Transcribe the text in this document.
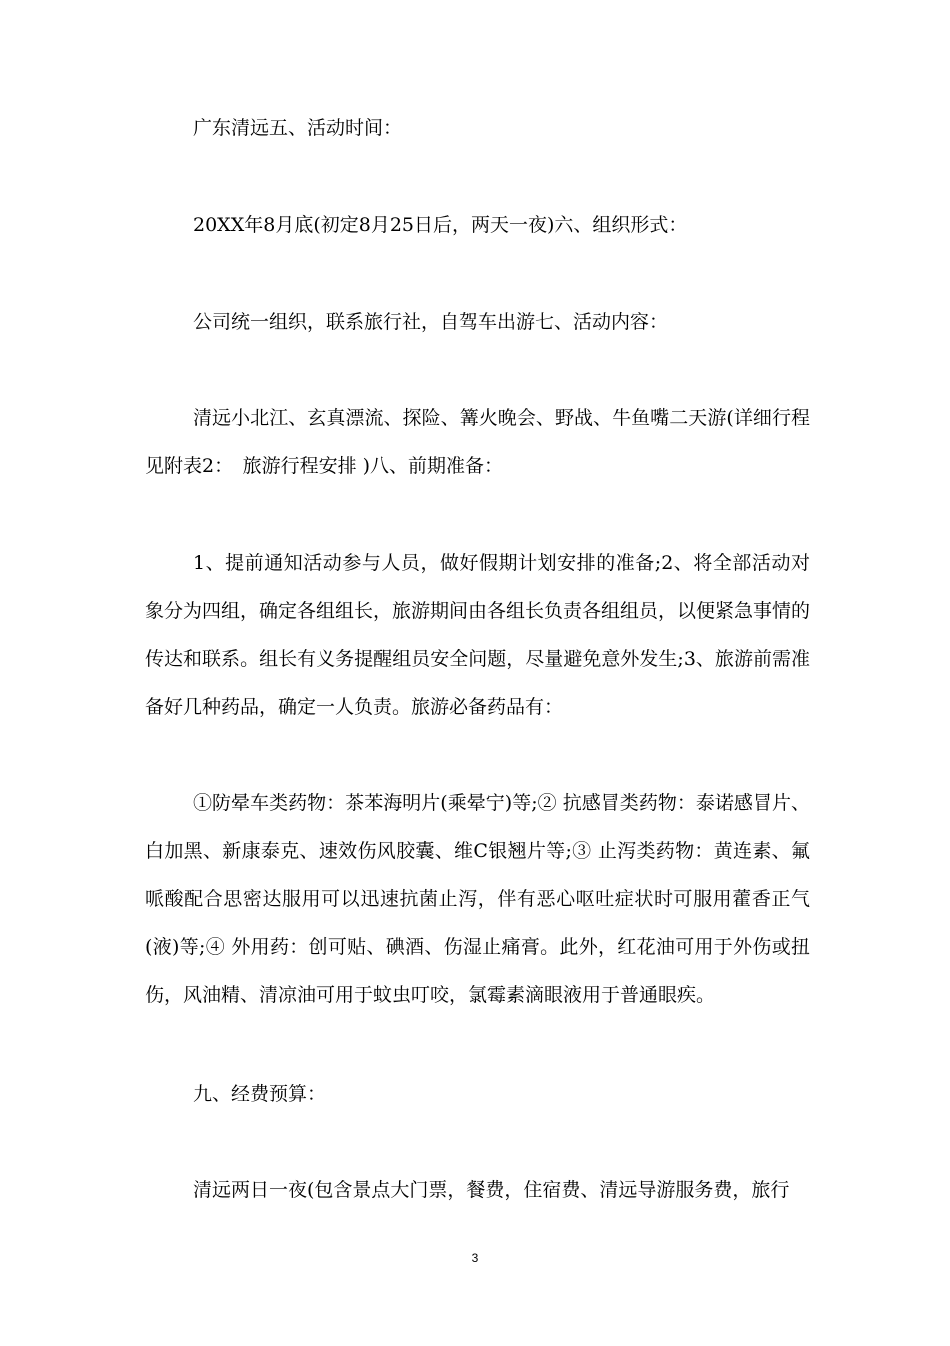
广东清远五、活动时间：

20XX年8月底(初定8月25日后，两天一夜)六、组织形式：

公司统一组织，联系旅行社，自驾车出游七、活动内容：

清远小北江、玄真漂流、探险、篝火晚会、野战、牛鱼嘴二天游(详细行程见附表2：　旅游行程安排 )八、前期准备：

1、提前通知活动参与人员，做好假期计划安排的准备;2、将全部活动对象分为四组，确定各组组长，旅游期间由各组长负责各组组员，以便紧急事情的传达和联系。组长有义务提醒组员安全问题，尽量避免意外发生;3、旅游前需准备好几种药品，确定一人负责。旅游必备药品有：

①防晕车类药物：茶苯海明片(乘晕宁)等;② 抗感冒类药物：泰诺感冒片、白加黑、新康泰克、速效伤风胶囊、维C银翘片等;③ 止泻类药物：黄连素、氟哌酸配合思密达服用可以迅速抗菌止泻，伴有恶心呕吐症状时可服用藿香正气 (液)等;④ 外用药：创可贴、碘酒、伤湿止痛膏。此外，红花油可用于外伤或扭伤，风油精、清凉油可用于蚊虫叮咬，氯霉素滴眼液用于普通眼疾。

九、经费预算：

清远两日一夜(包含景点大门票，餐费，住宿费、清远导游服务费，旅行

3
